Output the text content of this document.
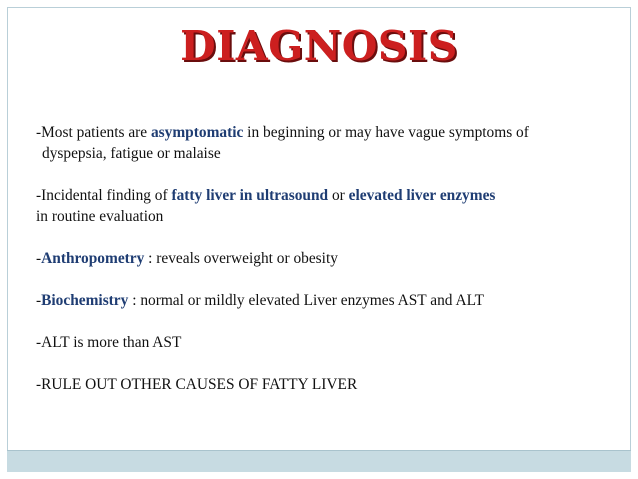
DIAGNOSIS

-Most patients are asymptomatic in beginning or may have vague symptoms of
dyspepsia, fatigue or malaise

-Incidental finding of fatty liver in ultrasound or elevated liver enzymes
in routine evaluation

-Anthropometry : reveals overweight or obesity

-Biochemistry : normal or mildly elevated Liver enzymes AST and ALT

-ALT is more than AST

-RULE OUT OTHER CAUSES OF FATTY LIVER
